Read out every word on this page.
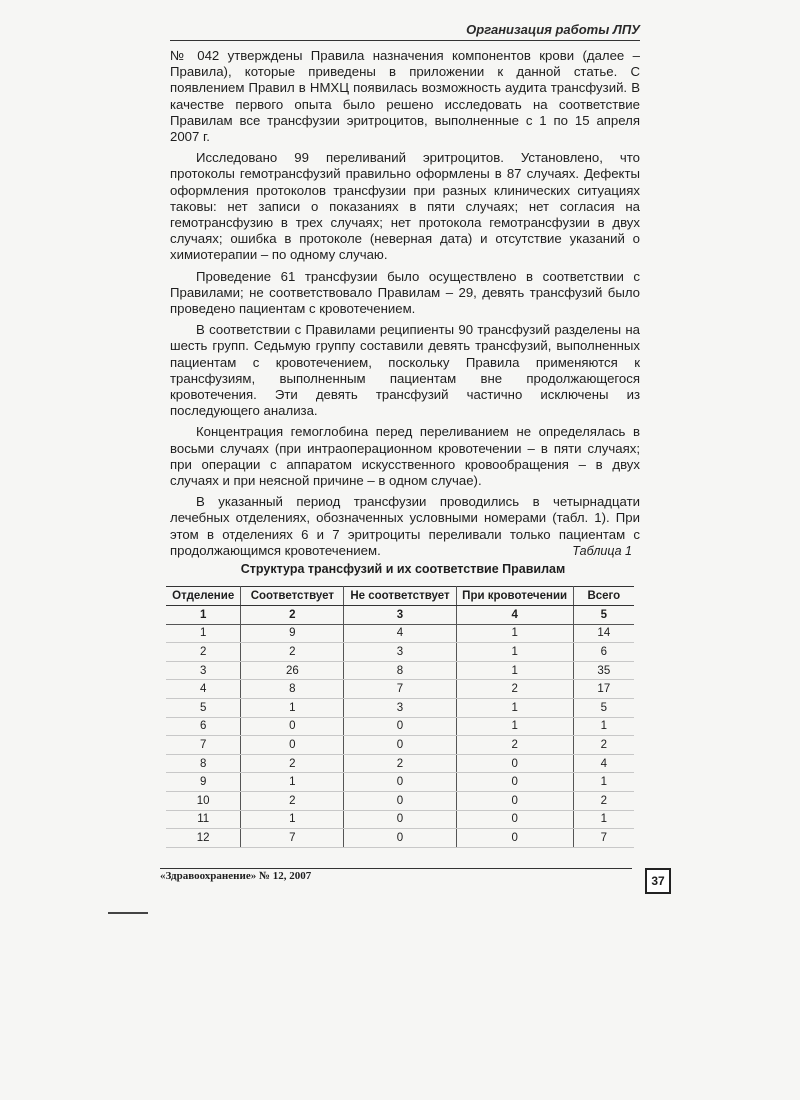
Организация работы ЛПУ

№ 042 утверждены Правила назначения компонентов крови (далее – Правила), которые приведены в приложении к данной статье. С появлением Правил в НМХЦ появилась возможность аудита трансфузий. В качестве первого опыта было решено исследовать на соответствие Правилам все трансфузии эритроцитов, выполненные с 1 по 15 апреля 2007 г.

Исследовано 99 переливаний эритроцитов. Установлено, что протоколы гемотрансфузий правильно оформлены в 87 случаях. Дефекты оформления протоколов трансфузии при разных клинических ситуациях таковы: нет записи о показаниях в пяти случаях; нет согласия на гемотрансфузию в трех случаях; нет протокола гемотрансфузии в двух случаях; ошибка в протоколе (неверная дата) и отсутствие указаний о химиотерапии – по одному случаю.

Проведение 61 трансфузии было осуществлено в соответствии с Правилами; не соответствовало Правилам – 29, девять трансфузий было проведено пациентам с кровотечением.

В соответствии с Правилами реципиенты 90 трансфузий разделены на шесть групп. Седьмую группу составили девять трансфузий, выполненных пациентам с кровотечением, поскольку Правила применяются к трансфузиям, выполненным пациентам вне продолжающегося кровотечения. Эти девять трансфузий частично исключены из последующего анализа.

Концентрация гемоглобина перед переливанием не определялась в восьми случаях (при интраоперационном кровотечении – в пяти случаях; при операции с аппаратом искусственного кровообращения – в двух случаях и при неясной причине – в одном случае).

В указанный период трансфузии проводились в четырнадцати лечебных отделениях, обозначенных условными номерами (табл. 1). При этом в отделениях 6 и 7 эритроциты переливали только пациентам с продолжающимся кровотечением.	Таблица 1
Структура трансфузий и их соответствие Правилам
Отделение	Соответствует	Не соответствует	При кровотечении	Всего
1	2	3	4	5
1	9	4	1	14
2	2	3	1	6
3	26	8	1	35
4	8	7	2	17
5	1	3	1	5
6	0	0	1	1
7	0	0	2	2
8	2	2	0	4
9	1	0	0	1
10	2	0	0	2
11	1	0	0	1
12	7	0	0	7
«Здравоохранение» № 12, 2007	37
